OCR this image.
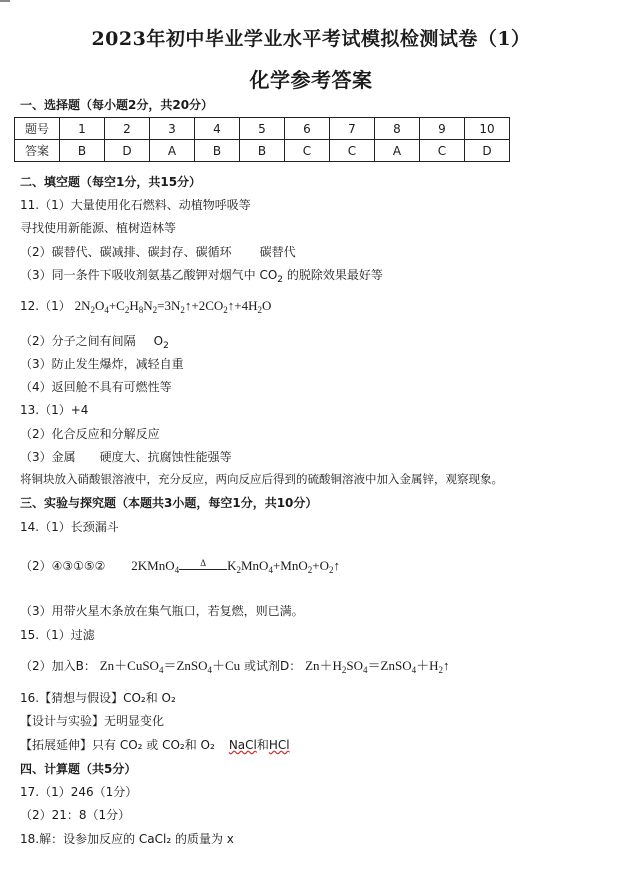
2023年初中毕业学业水平考试模拟检测试卷（1）
化学参考答案
一、选择题（每小题2分，共20分）
题号	1	2	3	4	5	6	7	8	9	10
答案	B	D	A	B	B	C	C	A	C	D
二、填空题（每空1分，共15分）
11.（1）大量使用化石燃料、动植物呼吸等
寻找使用新能源、植树造林等
（2）碳替代、碳减排、碳封存、碳循环 碳替代
（3）同一条件下吸收剂氨基乙酸钾对烟气中 $CO_2$ 的脱除效果最好等
12.（1） $2N_2O_4+C_2H_8N_2=3N_2↑+2CO_2↑+4H_2O$
（2）分子之间有间隔 $O_2$
（3）防止发生爆炸，减轻自重
（4）返回舱不具有可燃性等
13.（1）+4
（2）化合反应和分解反应
（3）金属 硬度大、抗腐蚀性能强等
将铜块放入硝酸银溶液中，充分反应，两向反应后得到的硫酸铜溶液中加入金属锌，观察现象。
三、实验与探究题（本题共3小题，每空1分，共10分）
14.（1）长颈漏斗
（2）④③①⑤② 2KMnO$_4$
Δ	$K_2MnO_4+MnO_2+O_2↑$
（3）用带火星木条放在集气瓶口，若复燃，则已满。
15.（1）过滤
（2）加入B： Zn＋CuSO$_4$＝ZnSO$_4$＋Cu 或试剂D： $Zn+H_2SO_4=ZnSO_4+H_2↑$
16.【猜想与假设】CO₂和 O₂
【设计与实验】无明显变化
【拓展延伸】只有 CO₂ 或 CO₂和 O₂ NaCl和HCl
四、计算题（共5分）
17.（1）246（1分）
（2）21：8（1分）
18.解：设参加反应的 CaCl₂ 的质量为 x
